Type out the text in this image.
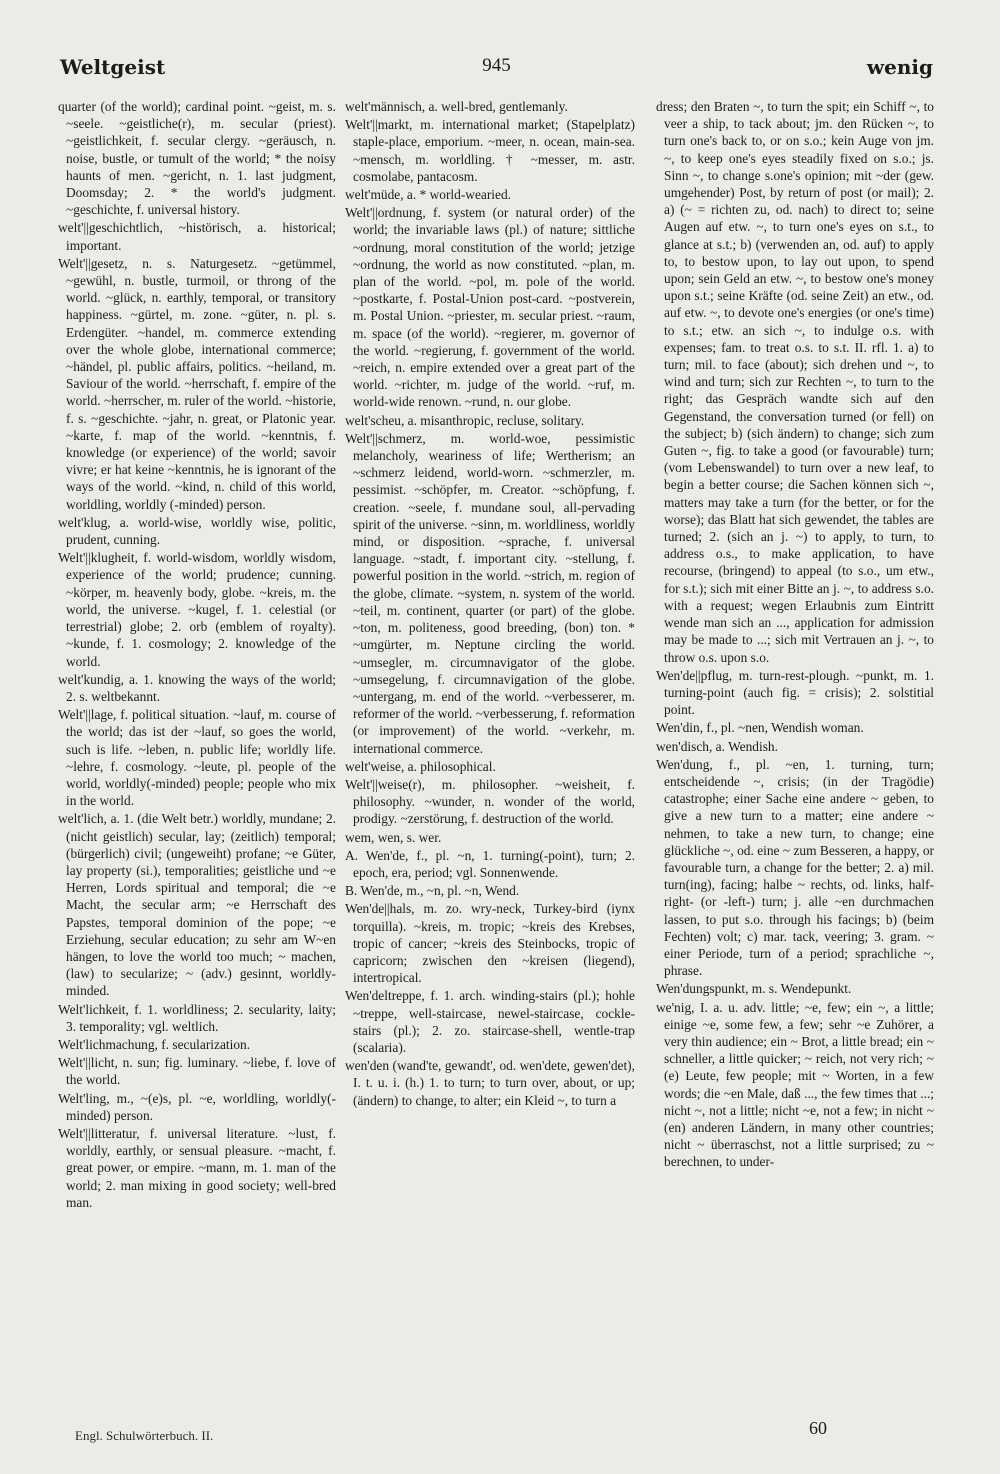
Weltgeist	945	wenig

quarter (of the world); cardinal point. ~geist, m. s. ~seele. ~geistliche(r), m. secular (priest). ~geistlichkeit, f. secular clergy. ~geräusch, n. noise, bustle, or tumult of the world; * the noisy haunts of men. ~gericht, n. 1. last judgment, Doomsday; 2. * the world's judgment. ~geschichte, f. universal history.

welt'||geschichtlich, ~histörisch, a. historical; important.

Welt'||gesetz, n. s. Naturgesetz. ~getümmel, ~gewühl, n. bustle, turmoil, or throng of the world. ~glück, n. earthly, temporal, or transitory happiness. ~gürtel, m. zone. ~güter, n. pl. s. Erdengüter. ~handel, m. commerce extending over the whole globe, international commerce; ~händel, pl. public affairs, politics. ~heiland, m. Saviour of the world. ~herrschaft, f. empire of the world. ~herrscher, m. ruler of the world. ~historie, f. s. ~geschichte. ~jahr, n. great, or Platonic year. ~karte, f. map of the world. ~kenntnis, f. knowledge (or experience) of the world; savoir vivre; er hat keine ~kenntnis, he is ignorant of the ways of the world. ~kind, n. child of this world, worldling, worldly (-minded) person.

welt'klug, a. world-wise, worldly wise, politic, prudent, cunning.

Welt'||klugheit, f. world-wisdom, worldly wisdom, experience of the world; prudence; cunning. ~körper, m. heavenly body, globe. ~kreis, m. the world, the universe. ~kugel, f. 1. celestial (or terrestrial) globe; 2. orb (emblem of royalty). ~kunde, f. 1. cosmology; 2. knowledge of the world.

welt'kundig, a. 1. knowing the ways of the world; 2. s. weltbekannt.

Welt'||lage, f. political situation. ~lauf, m. course of the world; das ist der ~lauf, so goes the world, such is life. ~leben, n. public life; worldly life. ~lehre, f. cosmology. ~leute, pl. people of the world, worldly(-minded) people; people who mix in the world.

welt'lich, a. 1. (die Welt betr.) worldly, mundane; 2. (nicht geistlich) secular, lay; (zeitlich) temporal; (bürgerlich) civil; (ungeweiht) profane; ~e Güter, lay property (si.), temporalities; geistliche und ~e Herren, Lords spiritual and temporal; die ~e Macht, the secular arm; ~e Herrschaft des Papstes, temporal dominion of the pope; ~e Erziehung, secular education; zu sehr am W~en hängen, to love the world too much; ~ machen, (law) to secularize; ~ (adv.) gesinnt, worldly-minded.

Welt'lichkeit, f. 1. worldliness; 2. secularity, laity; 3. temporality; vgl. weltlich.

Welt'lichmachung, f. secularization.

Welt'||licht, n. sun; fig. luminary. ~liebe, f. love of the world.

Welt'ling, m., ~(e)s, pl. ~e, worldling, worldly(-minded) person.

Welt'||litteratur, f. universal literature. ~lust, f. worldly, earthly, or sensual pleasure. ~macht, f. great power, or empire. ~mann, m. 1. man of the world; 2. man mixing in good society; well-bred man.

welt'männisch, a. well-bred, gentlemanly.

Welt'||markt, m. international market; (Stapelplatz) staple-place, emporium. ~meer, n. ocean, main-sea. ~mensch, m. worldling. † ~messer, m. astr. cosmolabe, pantacosm.

welt'müde, a. * world-wearied.

Welt'||ordnung, f. system (or natural order) of the world; the invariable laws (pl.) of nature; sittliche ~ordnung, moral constitution of the world; jetzige ~ordnung, the world as now constituted. ~plan, m. plan of the world. ~pol, m. pole of the world. ~postkarte, f. Postal-Union post-card. ~postverein, m. Postal Union. ~priester, m. secular priest. ~raum, m. space (of the world). ~regierer, m. governor of the world. ~regierung, f. government of the world. ~reich, n. empire extended over a great part of the world. ~richter, m. judge of the world. ~ruf, m. world-wide renown. ~rund, n. our globe.

welt'scheu, a. misanthropic, recluse, solitary.

Welt'||schmerz, m. world-woe, pessimistic melancholy, weariness of life; Wertherism; an ~schmerz leidend, world-worn. ~schmerzler, m. pessimist. ~schöpfer, m. Creator. ~schöpfung, f. creation. ~seele, f. mundane soul, all-pervading spirit of the universe. ~sinn, m. worldliness, worldly mind, or disposition. ~sprache, f. universal language. ~stadt, f. important city. ~stellung, f. powerful position in the world. ~strich, m. region of the globe, climate. ~system, n. system of the world. ~teil, m. continent, quarter (or part) of the globe. ~ton, m. politeness, good breeding, (bon) ton. * ~umgürter, m. Neptune circling the world. ~umsegler, m. circumnavigator of the globe. ~umsegelung, f. circumnavigation of the globe. ~untergang, m. end of the world. ~verbesserer, m. reformer of the world. ~verbesserung, f. reformation (or improvement) of the world. ~verkehr, m. international commerce.

welt'weise, a. philosophical.

Welt'||weise(r), m. philosopher. ~weisheit, f. philosophy. ~wunder, n. wonder of the world, prodigy. ~zerstörung, f. destruction of the world.

wem, wen, s. wer.

A. Wen'de, f., pl. ~n, 1. turning(-point), turn; 2. epoch, era, period; vgl. Sonnenwende.

B. Wen'de, m., ~n, pl. ~n, Wend.

Wen'de||hals, m. zo. wry-neck, Turkey-bird (iynx torquilla). ~kreis, m. tropic; ~kreis des Krebses, tropic of cancer; ~kreis des Steinbocks, tropic of capricorn; zwischen den ~kreisen (liegend), intertropical.

Wen'deltreppe, f. 1. arch. winding-stairs (pl.); hohle ~treppe, well-staircase, newel-staircase, cockle-stairs (pl.); 2. zo. staircase-shell, wentle-trap (scalaria).

wen'den (wand'te, gewandt', od. wen'dete, gewen'det), I. t. u. i. (h.) 1. to turn; to turn over, about, or up; (ändern) to change, to alter; ein Kleid ~, to turn a

dress; den Braten ~, to turn the spit; ein Schiff ~, to veer a ship, to tack about; jm. den Rücken ~, to turn one's back to, or on s.o.; kein Auge von jm. ~, to keep one's eyes steadily fixed on s.o.; js. Sinn ~, to change s.one's opinion; mit ~der (gew. umgehender) Post, by return of post (or mail); 2. a) (~ = richten zu, od. nach) to direct to; seine Augen auf etw. ~, to turn one's eyes on s.t., to glance at s.t.; b) (verwenden an, od. auf) to apply to, to bestow upon, to lay out upon, to spend upon; sein Geld an etw. ~, to bestow one's money upon s.t.; seine Kräfte (od. seine Zeit) an etw., od. auf etw. ~, to devote one's energies (or one's time) to s.t.; etw. an sich ~, to indulge o.s. with expenses; fam. to treat o.s. to s.t. II. rfl. 1. a) to turn; mil. to face (about); sich drehen und ~, to wind and turn; sich zur Rechten ~, to turn to the right; das Gespräch wandte sich auf den Gegenstand, the conversation turned (or fell) on the subject; b) (sich ändern) to change; sich zum Guten ~, fig. to take a good (or favourable) turn; (vom Lebenswandel) to turn over a new leaf, to begin a better course; die Sachen können sich ~, matters may take a turn (for the better, or for the worse); das Blatt hat sich gewendet, the tables are turned; 2. (sich an j. ~) to apply, to turn, to address o.s., to make application, to have recourse, (bringend) to appeal (to s.o., um etw., for s.t.); sich mit einer Bitte an j. ~, to address s.o. with a request; wegen Erlaubnis zum Eintritt wende man sich an ..., application for admission may be made to ...; sich mit Vertrauen an j. ~, to throw o.s. upon s.o.

Wen'de||pflug, m. turn-rest-plough. ~punkt, m. 1. turning-point (auch fig. = crisis); 2. solstitial point.

Wen'din, f., pl. ~nen, Wendish woman.

wen'disch, a. Wendish.

Wen'dung, f., pl. ~en, 1. turning, turn; entscheidende ~, crisis; (in der Tragödie) catastrophe; einer Sache eine andere ~ geben, to give a new turn to a matter; eine andere ~ nehmen, to take a new turn, to change; eine glückliche ~, od. eine ~ zum Besseren, a happy, or favourable turn, a change for the better; 2. a) mil. turn(ing), facing; halbe ~ rechts, od. links, half-right- (or -left-) turn; j. alle ~en durchmachen lassen, to put s.o. through his facings; b) (beim Fechten) volt; c) mar. tack, veering; 3. gram. ~ einer Periode, turn of a period; sprachliche ~, phrase.

Wen'dungspunkt, m. s. Wendepunkt.

we'nig, I. a. u. adv. little; ~e, few; ein ~, a little; einige ~e, some few, a few; sehr ~e Zuhörer, a very thin audience; ein ~ Brot, a little bread; ein ~ schneller, a little quicker; ~ reich, not very rich; ~(e) Leute, few people; mit ~ Worten, in a few words; die ~en Male, daß ..., the few times that ...; nicht ~, not a little; nicht ~e, not a few; in nicht ~(en) anderen Ländern, in many other countries; nicht ~ überraschst, not a little surprised; zu ~ berechnen, to under-

Engl. Schulwörterbuch. II.	60
